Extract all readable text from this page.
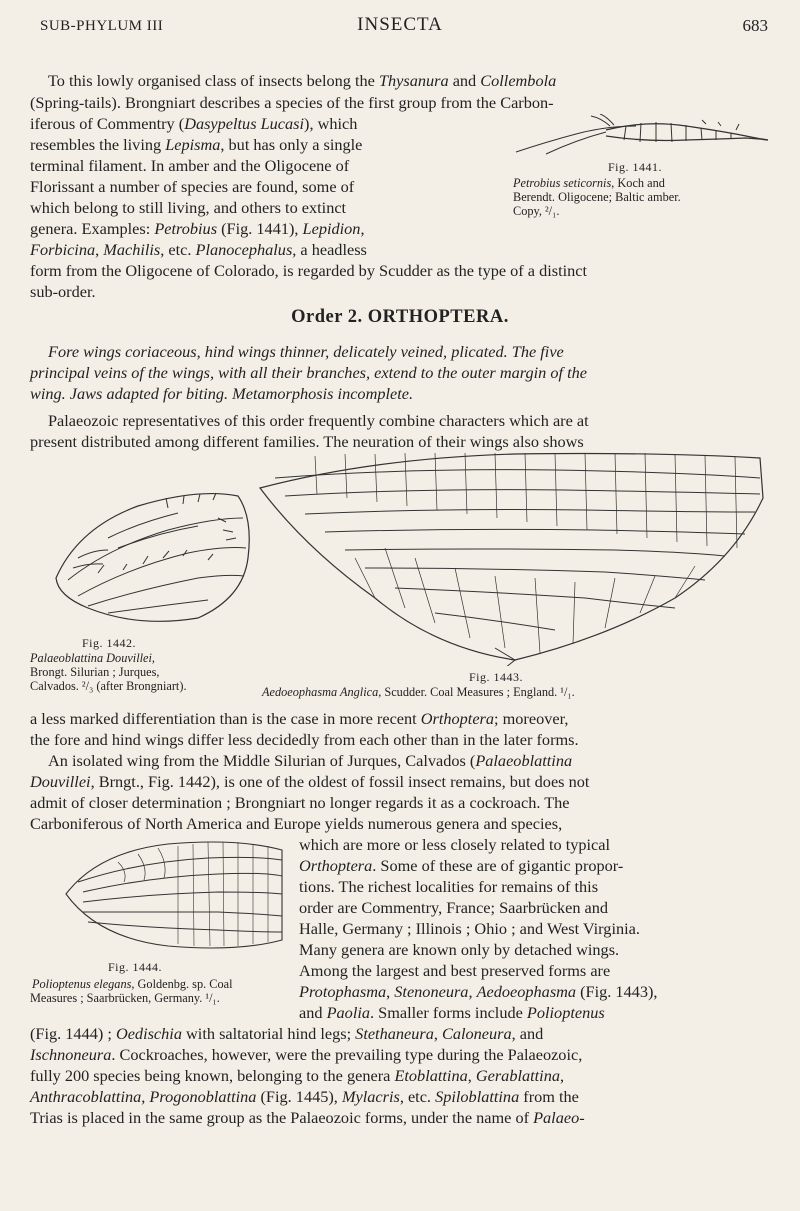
SUB-PHYLUM III	INSECTA	683
To this lowly organised class of insects belong the Thysanura and Collembola
(Spring-tails). Brongniart describes a species of the first group from the Carbon-
iferous of Commentry (Dasypeltus Lucasi), which
resembles the living Lepisma, but has only a single
terminal filament. In amber and the Oligocene of
Florissant a number of species are found, some of
which belong to still living, and others to extinct
genera. Examples: Petrobius (Fig. 1441), Lepidion,
Forbicina, Machilis, etc. Planocephalus, a headless
form from the Oligocene of Colorado, is regarded by Scudder as the type of a distinct
sub-order.
Fig. 1441.
Petrobius seticornis, Koch and
Berendt. Oligocene; Baltic amber.
Copy, ²/₁.
Order 2. ORTHOPTERA.
Fore wings coriaceous, hind wings thinner, delicately veined, plicated. The five
principal veins of the wings, with all their branches, extend to the outer margin of the
wing. Jaws adapted for biting. Metamorphosis incomplete.
Palaeozoic representatives of this order frequently combine characters which are at
present distributed among different families. The neuration of their wings also shows
Fig. 1442.
Palaeoblattina Douvillei,
Brongt. Silurian ; Jurques,
Calvados. ²/₃ (after Brongniart).
Fig. 1443.
Aedoeophasma Anglica, Scudder. Coal Measures ; England. ¹/₁.
a less marked differentiation than is the case in more recent Orthoptera; moreover,
the fore and hind wings differ less decidedly from each other than in the later forms.
An isolated wing from the Middle Silurian of Jurques, Calvados (Palaeoblattina
Douvillei, Brngt., Fig. 1442), is one of the oldest of fossil insect remains, but does not
admit of closer determination ; Brongniart no longer regards it as a cockroach. The
Carboniferous of North America and Europe yields numerous genera and species,
which are more or less closely related to typical
Orthoptera. Some of these are of gigantic propor-
tions. The richest localities for remains of this
order are Commentry, France; Saarbrücken and
Halle, Germany ; Illinois ; Ohio ; and West Virginia.
Many genera are known only by detached wings.
Fig. 1444.	Among the largest and best preserved forms are
Polioptenus elegans, Goldenbg. sp. Coal
Measures ; Saarbrücken, Germany. ¹/₁.	Protophasma, Stenoneura, Aedoeophasma (Fig. 1443),
and Paolia. Smaller forms include Polioptenus
(Fig. 1444) ; Oedischia with saltatorial hind legs; Stethaneura, Caloneura, and
Ischnoneura. Cockroaches, however, were the prevailing type during the Palaeozoic,
fully 200 species being known, belonging to the genera Etoblattina, Gerablattina,
Anthracoblattina, Progonoblattina (Fig. 1445), Mylacris, etc. Spiloblattina from the
Trias is placed in the same group as the Palaeozoic forms, under the name of Palaeo-
